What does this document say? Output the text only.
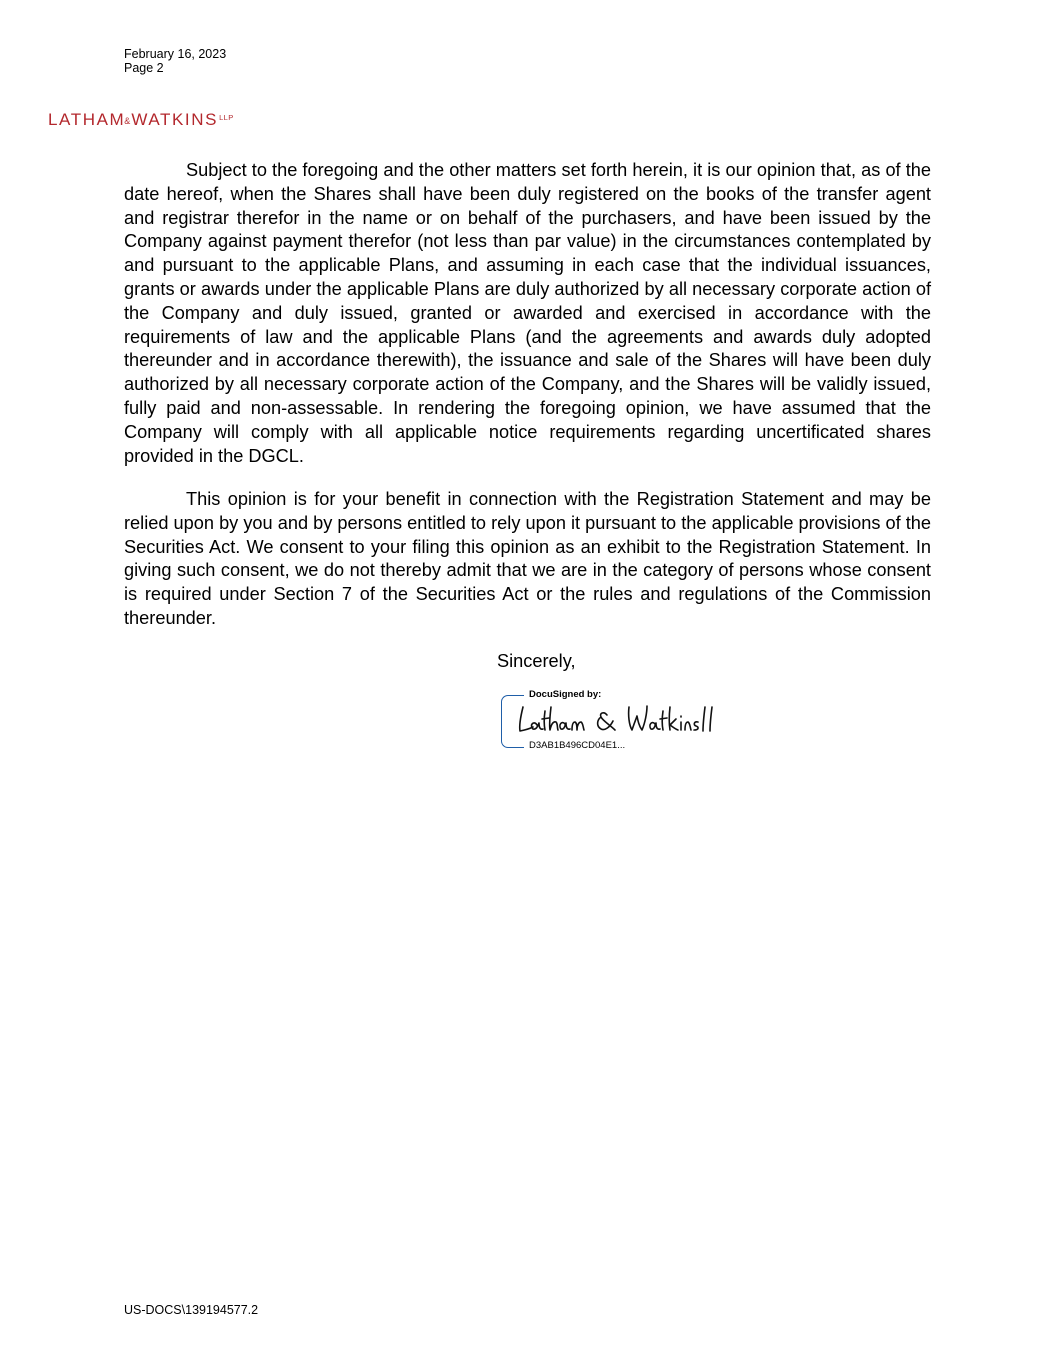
February 16, 2023
Page 2
$LATHAM\&WATKINS^{LLP}$

Subject to the foregoing and the other matters set forth herein, it is our opinion that, as of the date hereof, when the Shares shall have been duly registered on the books of the transfer agent and registrar therefor in the name or on behalf of the purchasers, and have been issued by the Company against payment therefor (not less than par value) in the circumstances contemplated by and pursuant to the applicable Plans, and assuming in each case that the individual issuances, grants or awards under the applicable Plans are duly authorized by all necessary corporate action of the Company and duly issued, granted or awarded and exercised in accordance with the requirements of law and the applicable Plans (and the agreements and awards duly adopted thereunder and in accordance therewith), the issuance and sale of the Shares will have been duly authorized by all necessary corporate action of the Company, and the Shares will be validly issued, fully paid and non-assessable. In rendering the foregoing opinion, we have assumed that the Company will comply with all applicable notice requirements regarding uncertificated shares provided in the DGCL.

This opinion is for your benefit in connection with the Registration Statement and may be relied upon by you and by persons entitled to rely upon it pursuant to the applicable provisions of the Securities Act. We consent to your filing this opinion as an exhibit to the Registration Statement. In giving such consent, we do not thereby admit that we are in the category of persons whose consent is required under Section 7 of the Securities Act or the rules and regulations of the Commission thereunder.

Sincerely,
DocuSigned by:
D3AB1B496CD04E1...
US-DOCS\139194577.2
